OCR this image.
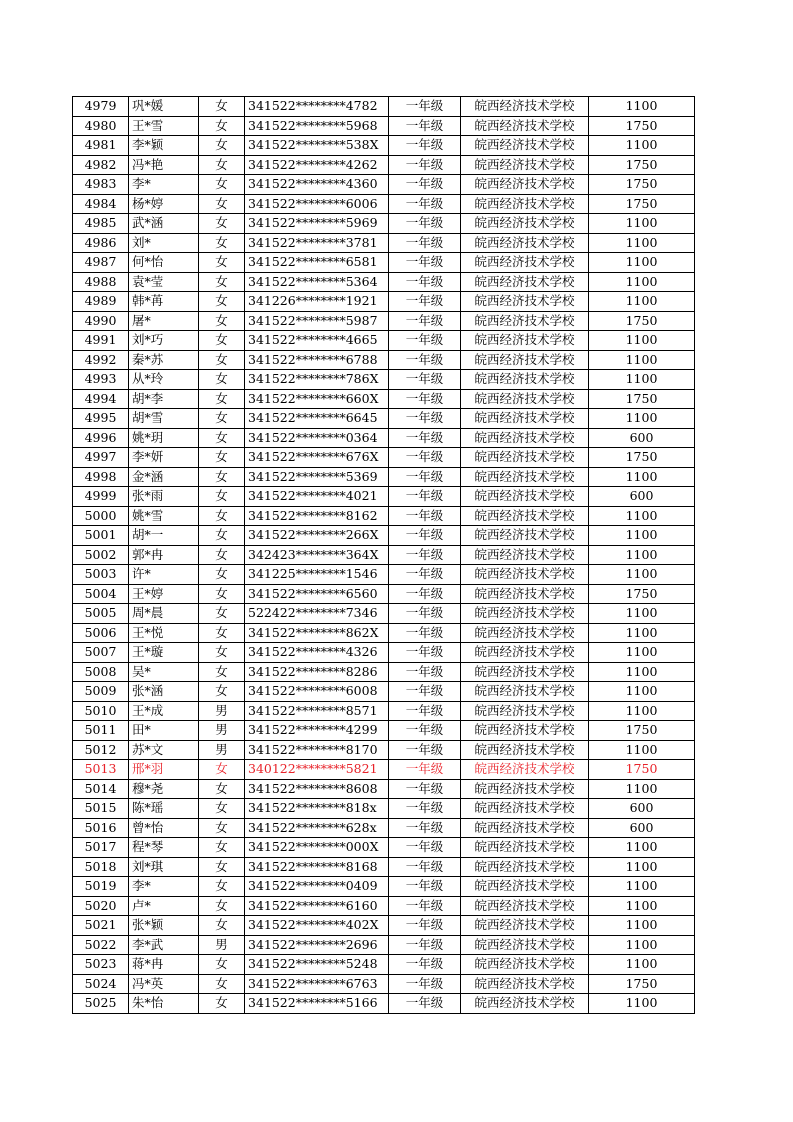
4979	巩*媛	女	341522********4782	一年级	皖西经济技术学校	1100
4980	王*雪	女	341522********5968	一年级	皖西经济技术学校	1750
4981	李*颖	女	341522********538X	一年级	皖西经济技术学校	1100
4982	冯*艳	女	341522********4262	一年级	皖西经济技术学校	1750
4983	李*	女	341522********4360	一年级	皖西经济技术学校	1750
4984	杨*婷	女	341522********6006	一年级	皖西经济技术学校	1750
4985	武*涵	女	341522********5969	一年级	皖西经济技术学校	1100
4986	刘*	女	341522********3781	一年级	皖西经济技术学校	1100
4987	何*怡	女	341522********6581	一年级	皖西经济技术学校	1100
4988	袁*莹	女	341522********5364	一年级	皖西经济技术学校	1100
4989	韩*苒	女	341226********1921	一年级	皖西经济技术学校	1100
4990	屠*	女	341522********5987	一年级	皖西经济技术学校	1750
4991	刘*巧	女	341522********4665	一年级	皖西经济技术学校	1100
4992	秦*苏	女	341522********6788	一年级	皖西经济技术学校	1100
4993	从*玲	女	341522********786X	一年级	皖西经济技术学校	1100
4994	胡*李	女	341522********660X	一年级	皖西经济技术学校	1750
4995	胡*雪	女	341522********6645	一年级	皖西经济技术学校	1100
4996	姚*玥	女	341522********0364	一年级	皖西经济技术学校	600
4997	李*妍	女	341522********676X	一年级	皖西经济技术学校	1750
4998	金*涵	女	341522********5369	一年级	皖西经济技术学校	1100
4999	张*雨	女	341522********4021	一年级	皖西经济技术学校	600
5000	姚*雪	女	341522********8162	一年级	皖西经济技术学校	1100
5001	胡*一	女	341522********266X	一年级	皖西经济技术学校	1100
5002	郭*冉	女	342423********364X	一年级	皖西经济技术学校	1100
5003	许*	女	341225********1546	一年级	皖西经济技术学校	1100
5004	王*婷	女	341522********6560	一年级	皖西经济技术学校	1750
5005	周*晨	女	522422********7346	一年级	皖西经济技术学校	1100
5006	王*悦	女	341522********862X	一年级	皖西经济技术学校	1100
5007	王*璇	女	341522********4326	一年级	皖西经济技术学校	1100
5008	吴*	女	341522********8286	一年级	皖西经济技术学校	1100
5009	张*涵	女	341522********6008	一年级	皖西经济技术学校	1100
5010	王*成	男	341522********8571	一年级	皖西经济技术学校	1100
5011	田*	男	341522********4299	一年级	皖西经济技术学校	1750
5012	苏*文	男	341522********8170	一年级	皖西经济技术学校	1100
5013	邢*羽	女	340122********5821	一年级	皖西经济技术学校	1750
5014	穆*尧	女	341522********8608	一年级	皖西经济技术学校	1100
5015	陈*瑶	女	341522********818x	一年级	皖西经济技术学校	600
5016	曾*怡	女	341522********628x	一年级	皖西经济技术学校	600
5017	程*琴	女	341522********000X	一年级	皖西经济技术学校	1100
5018	刘*琪	女	341522********8168	一年级	皖西经济技术学校	1100
5019	李*	女	341522********0409	一年级	皖西经济技术学校	1100
5020	卢*	女	341522********6160	一年级	皖西经济技术学校	1100
5021	张*颖	女	341522********402X	一年级	皖西经济技术学校	1100
5022	李*武	男	341522********2696	一年级	皖西经济技术学校	1100
5023	蒋*冉	女	341522********5248	一年级	皖西经济技术学校	1100
5024	冯*英	女	341522********6763	一年级	皖西经济技术学校	1750
5025	朱*怡	女	341522********5166	一年级	皖西经济技术学校	1100
